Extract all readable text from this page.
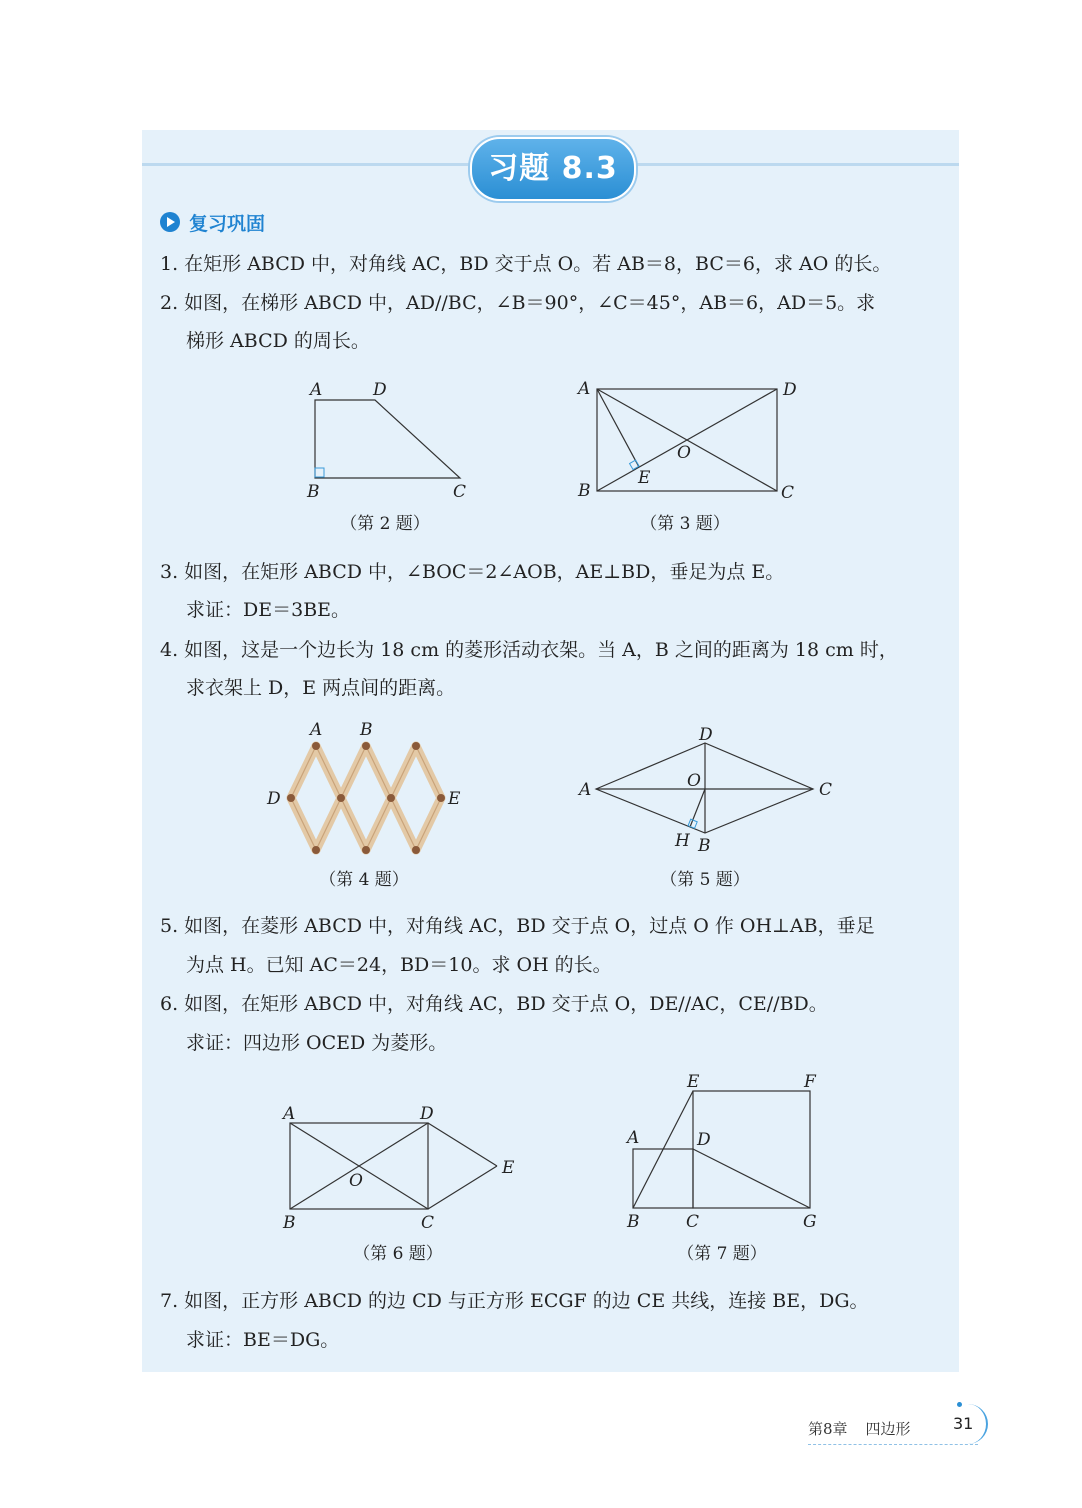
习题 8.3
复习巩固
1. 在矩形 ABCD 中，对角线 AC，BD 交于点 O。若 AB＝8，BC＝6，求 AO 的长。
2. 如图，在梯形 ABCD 中，AD//BC，∠B＝90°，∠C＝45°，AB＝6，AD＝5。求
梯形 ABCD 的周长。
A	D
B	C
（第 2 题）
A	D
B	C
O
E
（第 3 题）
3. 如图，在矩形 ABCD 中，∠BOC＝2∠AOB，AE⊥BD，垂足为点 E。
求证：DE＝3BE。
4. 如图，这是一个边长为 18 cm 的菱形活动衣架。当 A，B 之间的距离为 18 cm 时，
求衣架上 D，E 两点间的距离。
A B
D	E
（第 4 题）
D
A	C
O
H B
（第 5 题）
5. 如图，在菱形 ABCD 中，对角线 AC，BD 交于点 O，过点 O 作 OH⊥AB，垂足
为点 H。已知 AC＝24，BD＝10。求 OH 的长。
6. 如图，在矩形 ABCD 中，对角线 AC，BD 交于点 O，DE//AC，CE//BD。
求证：四边形 OCED 为菱形。
A	D
B	C
E
O
（第 6 题）
E	F
A	D
B	C	G
（第 7 题）
7. 如图，正方形 ABCD 的边 CD 与正方形 ECGF 的边 CE 共线，连接 BE，DG。
求证：BE＝DG。
第8章 四边形	31
